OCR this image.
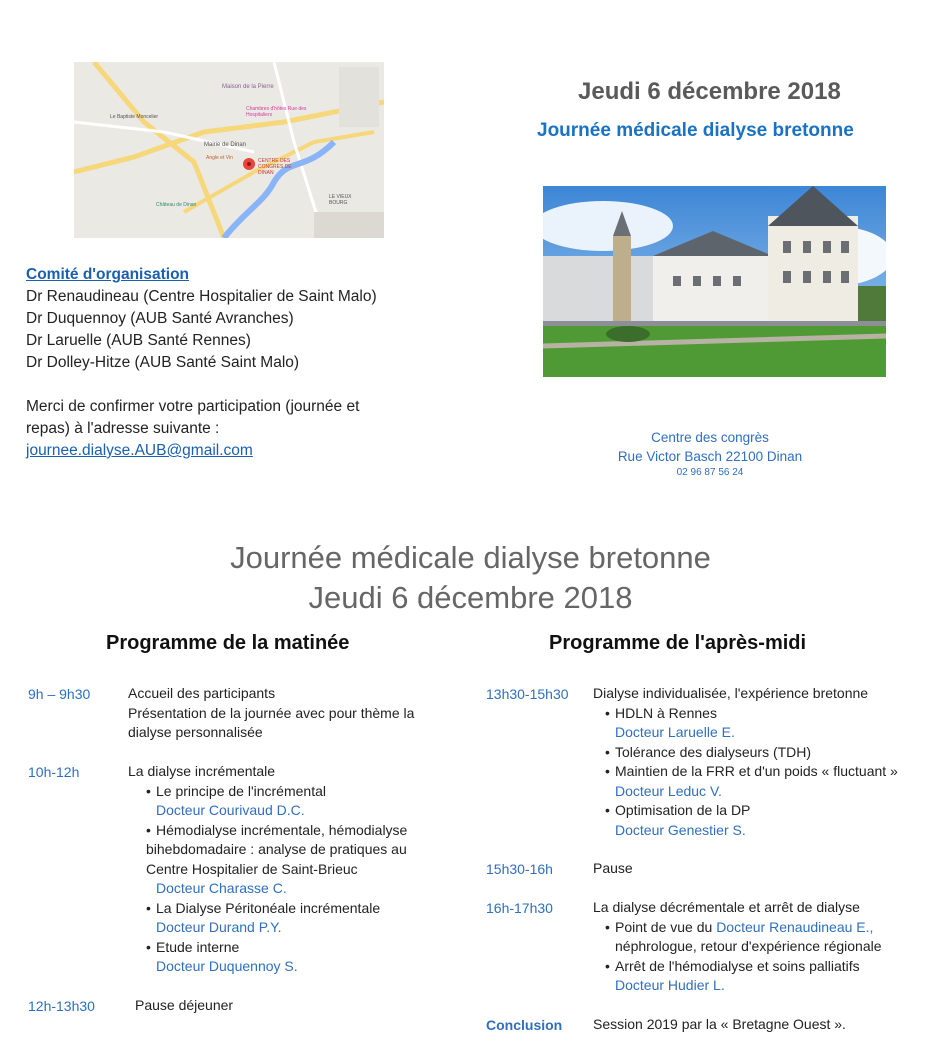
Maison de la Pierre
Mairie de Dinan
CENTRE DES CONGRÈS DE DINAN
Angle et Vin
Château de Dinan
LE VIEUX BOURG
Le Baptiste Moncelier
Chambres d'hôtes Rue des Hospitaliers
Jeudi 6 décembre 2018
Journée médicale dialyse bretonne
Comité d'organisation
Dr Renaudineau (Centre Hospitalier de Saint Malo)
Dr Duquennoy (AUB Santé Avranches)
Dr Laruelle (AUB Santé Rennes)
Dr Dolley-Hitze (AUB Santé Saint Malo)
Merci de confirmer votre participation (journée et
repas) à l'adresse suivante :
journee.dialyse.AUB@gmail.com
Centre des congrès
Rue Victor Basch 22100 Dinan
02 96 87 56 24
Journée médicale dialyse bretonne
Jeudi 6 décembre 2018
Programme de la matinée
9h – 9h30	Accueil des participants
Présentation de la journée avec pour thème la
dialyse personnalisée
10h-12h	La dialyse incrémentale
• Le principe de l'incrémental
Docteur Courivaud D.C.
• Hémodialyse incrémentale, hémodialyse
bihebdomadaire : analyse de pratiques au
Centre Hospitalier de Saint-Brieuc
Docteur Charasse C.
• La Dialyse Péritonéale incrémentale
Docteur Durand P.Y.
• Etude interne
Docteur Duquennoy S.
12h-13h30	Pause déjeuner
Programme de l'après-midi
13h30-15h30 Dialyse individualisée, l'expérience bretonne
• HDLN à Rennes
Docteur Laruelle E.
• Tolérance des dialyseurs (TDH)
• Maintien de la FRR et d'un poids « fluctuant »
Docteur Leduc V.
• Optimisation de la DP
Docteur Genestier S.
15h30-16h	Pause
16h-17h30	La dialyse décrémentale et arrêt de dialyse
• Point de vue du Docteur Renaudineau E.,
néphrologue, retour d'expérience régionale
• Arrêt de l'hémodialyse et soins palliatifs
Docteur Hudier L.
Conclusion Session 2019 par la « Bretagne Ouest ».
